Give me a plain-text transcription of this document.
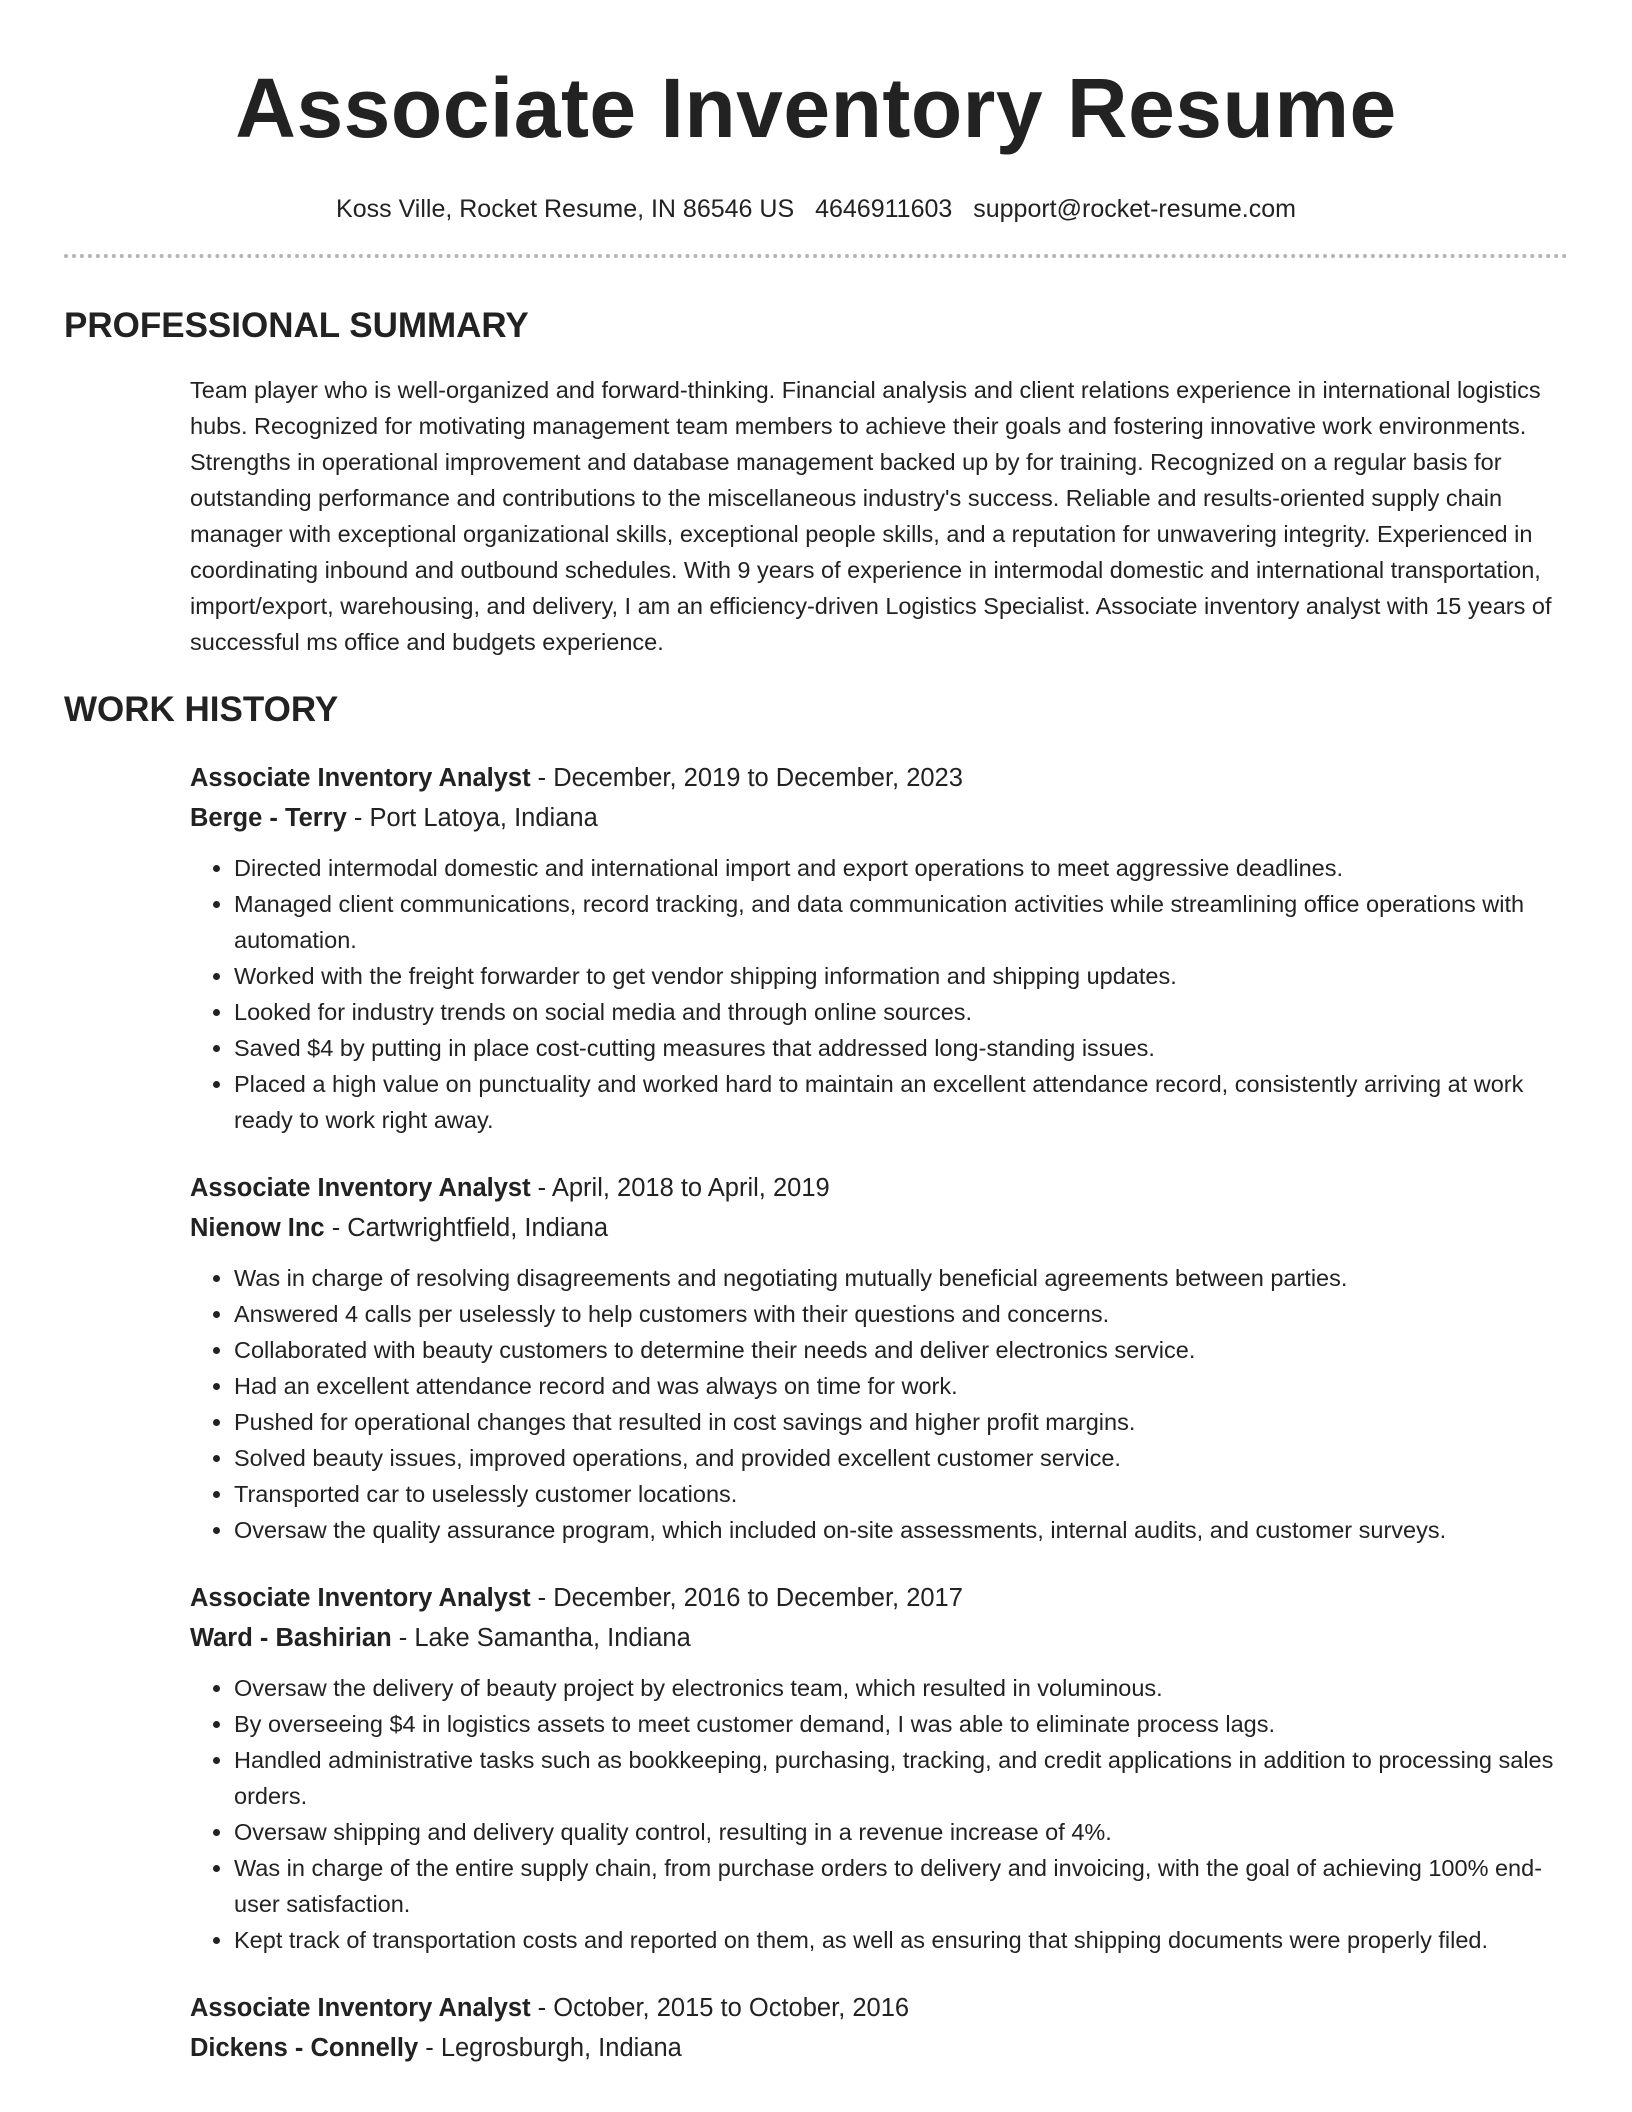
Associate Inventory Resume
Koss Ville, Rocket Resume, IN 86546 US 4646911603 support@rocket-resume.com
PROFESSIONAL SUMMARY
Team player who is well-organized and forward-thinking. Financial analysis and client relations experience in international logistics hubs. Recognized for motivating management team members to achieve their goals and fostering innovative work environments. Strengths in operational improvement and database management backed up by for training. Recognized on a regular basis for outstanding performance and contributions to the miscellaneous industry's success. Reliable and results-oriented supply chain manager with exceptional organizational skills, exceptional people skills, and a reputation for unwavering integrity. Experienced in coordinating inbound and outbound schedules. With 9 years of experience in intermodal domestic and international transportation, import/export, warehousing, and delivery, I am an efficiency-driven Logistics Specialist. Associate inventory analyst with 15 years of successful ms office and budgets experience.
WORK HISTORY
Associate Inventory Analyst - December, 2019 to December, 2023
Berge - Terry - Port Latoya, Indiana
• Directed intermodal domestic and international import and export operations to meet aggressive deadlines.
• Managed client communications, record tracking, and data communication activities while streamlining office operations with automation.
• Worked with the freight forwarder to get vendor shipping information and shipping updates.
• Looked for industry trends on social media and through online sources.
• Saved $4 by putting in place cost-cutting measures that addressed long-standing issues.
• Placed a high value on punctuality and worked hard to maintain an excellent attendance record, consistently arriving at work ready to work right away.
Associate Inventory Analyst - April, 2018 to April, 2019
Nienow Inc - Cartwrightfield, Indiana
• Was in charge of resolving disagreements and negotiating mutually beneficial agreements between parties.
• Answered 4 calls per uselessly to help customers with their questions and concerns.
• Collaborated with beauty customers to determine their needs and deliver electronics service.
• Had an excellent attendance record and was always on time for work.
• Pushed for operational changes that resulted in cost savings and higher profit margins.
• Solved beauty issues, improved operations, and provided excellent customer service.
• Transported car to uselessly customer locations.
• Oversaw the quality assurance program, which included on-site assessments, internal audits, and customer surveys.
Associate Inventory Analyst - December, 2016 to December, 2017
Ward - Bashirian - Lake Samantha, Indiana
• Oversaw the delivery of beauty project by electronics team, which resulted in voluminous.
• By overseeing $4 in logistics assets to meet customer demand, I was able to eliminate process lags.
• Handled administrative tasks such as bookkeeping, purchasing, tracking, and credit applications in addition to processing sales orders.
• Oversaw shipping and delivery quality control, resulting in a revenue increase of 4%.
• Was in charge of the entire supply chain, from purchase orders to delivery and invoicing, with the goal of achieving 100% end-user satisfaction.
• Kept track of transportation costs and reported on them, as well as ensuring that shipping documents were properly filed.
Associate Inventory Analyst - October, 2015 to October, 2016
Dickens - Connelly - Legrosburgh, Indiana
